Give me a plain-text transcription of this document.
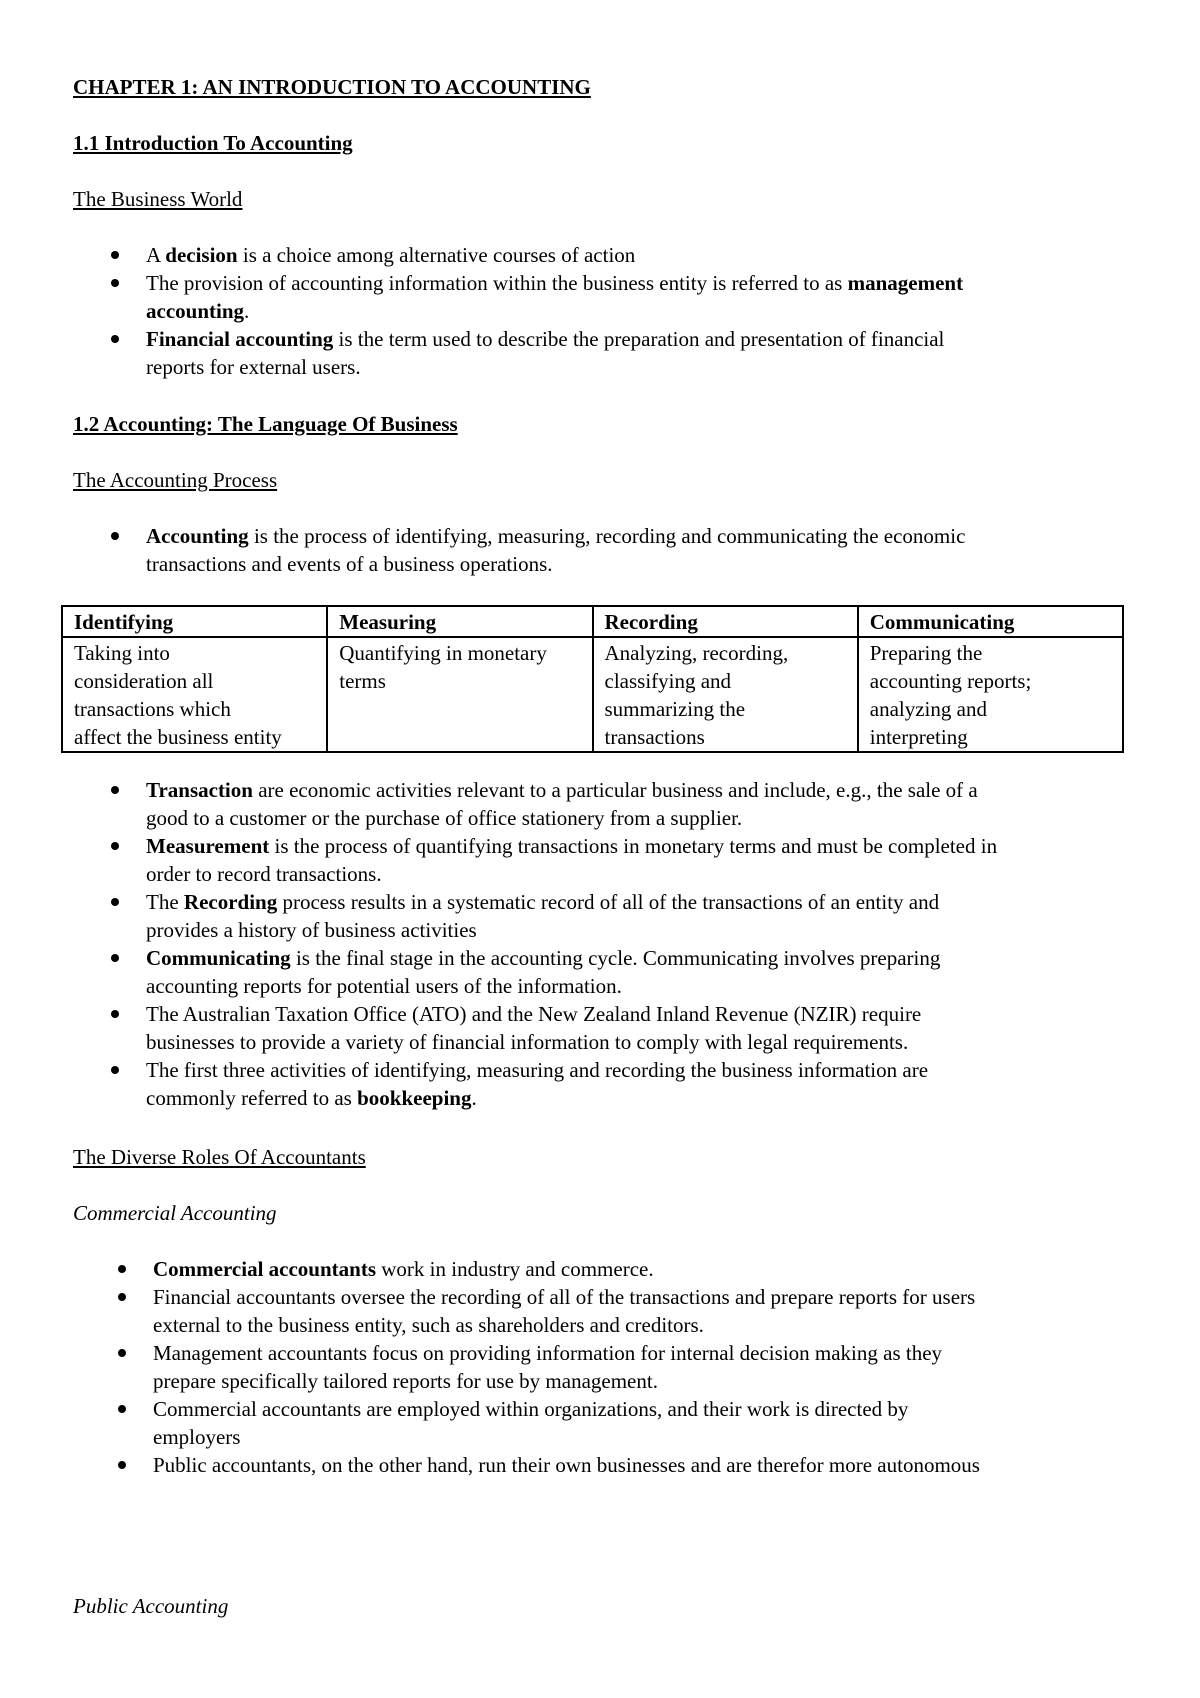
CHAPTER 1: AN INTRODUCTION TO ACCOUNTING
1.1 Introduction To Accounting
The Business World
A decision is a choice among alternative courses of action
The provision of accounting information within the business entity is referred to as management
accounting.
Financial accounting is the term used to describe the preparation and presentation of financial
reports for external users.
1.2 Accounting: The Language Of Business
The Accounting Process
Accounting is the process of identifying, measuring, recording and communicating the economic
transactions and events of a business operations.
Identifying	Measuring	Recording	Communicating
Taking into
consideration all
transactions which
affect the business entity	Quantifying in monetary
terms	Analyzing, recording,
classifying and
summarizing the
transactions	Preparing the
accounting reports;
analyzing and
interpreting
Transaction are economic activities relevant to a particular business and include, e.g., the sale of a
good to a customer or the purchase of office stationery from a supplier.
Measurement is the process of quantifying transactions in monetary terms and must be completed in
order to record transactions.
The Recording process results in a systematic record of all of the transactions of an entity and
provides a history of business activities
Communicating is the final stage in the accounting cycle. Communicating involves preparing
accounting reports for potential users of the information.
The Australian Taxation Office (ATO) and the New Zealand Inland Revenue (NZIR) require
businesses to provide a variety of financial information to comply with legal requirements.
The first three activities of identifying, measuring and recording the business information are
commonly referred to as bookkeeping.
The Diverse Roles Of Accountants
Commercial Accounting
Commercial accountants work in industry and commerce.
Financial accountants oversee the recording of all of the transactions and prepare reports for users
external to the business entity, such as shareholders and creditors.
Management accountants focus on providing information for internal decision making as they
prepare specifically tailored reports for use by management.
Commercial accountants are employed within organizations, and their work is directed by
employers
Public accountants, on the other hand, run their own businesses and are therefor more autonomous
Public Accounting
